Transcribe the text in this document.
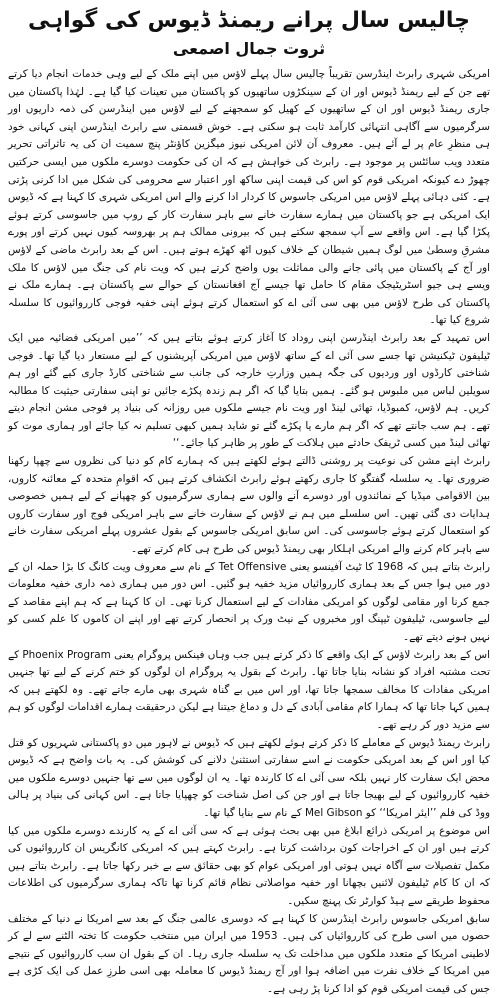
چالیس سال پرانے ریمنڈ ڈیوس کی گواہی
ثروت جمال اصمعی

امریکی شہری رابرٹ اینڈرسن تقریباً چالیس سال پہلے لاؤس میں اپنے ملک کے لیے وہی خدمات انجام دیا کرتے تھے جن کے لیے ریمنڈ ڈیوس اور ان کے سینکڑوں ساتھیوں کو پاکستان میں تعینات کیا گیا ہے۔ لہٰذا پاکستان میں جاری ریمنڈ ڈیوس اور ان کے ساتھیوں کے کھیل کو سمجھنے کے لیے لاؤس میں اینڈرسن کی ذمہ داریوں اور سرگرمیوں سے آگاہی انتہائی کارآمد ثابت ہو سکتی ہے۔ خوش قسمتی سے رابرٹ اینڈرسن اپنی کہانی خود ہی منظرِ عام پر لے آئے ہیں۔ معروف آن لائن امریکی نیوز میگزین کاؤنٹر پنچ سمیت ان کی یہ تاثراتی تحریر متعدد ویب سائٹس پر موجود ہے۔ رابرٹ کی خواہش ہے کہ ان کی حکومت دوسرے ملکوں میں ایسی حرکتیں چھوڑ دے کیونکہ امریکی قوم کو اس کی قیمت اپنی ساکھ اور اعتبار سے محرومی کی شکل میں ادا کرنی پڑتی ہے۔ کئی دہائی پہلے لاؤس میں امریکی جاسوس کا کردار ادا کرنے والے اس امریکی شہری کا کہنا ہے کہ ڈیوس ایک امریکی ہے جو پاکستان میں ہمارے سفارت خانے سے باہر سفارت کار کے روپ میں جاسوسی کرتے ہوئے پکڑا گیا ہے۔ اس واقعے سے آپ سمجھ سکتے ہیں کہ بیرونی ممالک ہم پر بھروسہ کیوں نہیں کرتے اور پورے مشرقِ وسطیٰ میں لوگ ہمیں شیطان کے خلاف کیوں اٹھ کھڑے ہوتے ہیں۔ اس کے بعد رابرٹ ماضی کے لاؤس اور آج کے پاکستان میں پائی جانے والی مماثلت یوں واضح کرتے ہیں کہ ویت نام کی جنگ میں لاؤس کا ملک ویسے ہی جیو اسٹریٹیجک مقام کا حامل تھا جیسے آج افغانستان کے حوالے سے پاکستان ہے۔ ہمارے ملک نے پاکستان کی طرح لاؤس میں بھی سی آئی اے کو استعمال کرتے ہوئے اپنی خفیہ فوجی کارروائیوں کا سلسلہ شروع کیا تھا۔

اس تمہید کے بعد رابرٹ اینڈرسن اپنی روداد کا آغاز کرتے ہوئے بتاتے ہیں کہ ’’میں امریکی فضائیہ میں ایک ٹیلیفون ٹیکنیشن تھا جسے سی آئی اے کے ساتھ لاؤس میں امریکی آپریشنوں کے لیے مستعار دیا گیا تھا۔ فوجی شناختی کارڈوں اور وردیوں کی جگہ ہمیں وزارتِ خارجہ کی جانب سے شناختی کارڈ جاری کیے گئے اور ہم سویلین لباس میں ملبوس ہو گئے۔ ہمیں بتایا گیا کہ اگر ہم زندہ پکڑے جائیں تو اپنی سفارتی حیثیت کا مطالبہ کریں۔ ہم لاؤس، کمبوڈیا، تھائی لینڈ اور ویت نام جیسے ملکوں میں روزانہ کی بنیاد پر فوجی مشن انجام دیتے تھے۔ ہم سب جانتے تھے کہ اگر ہم مارے یا پکڑے گئے تو شاید ہمیں کبھی تسلیم نہ کیا جائے اور ہماری موت کو تھائی لینڈ میں کسی ٹریفک حادثے میں ہلاکت کے طور پر ظاہر کیا جائے۔‘‘

رابرٹ اپنے مشن کی نوعیت پر روشنی ڈالتے ہوئے لکھتے ہیں کہ ہمارے کام کو دنیا کی نظروں سے چھپا رکھنا ضروری تھا۔ یہ سلسلہ گفتگو کا جاری رکھتے ہوئے رابرٹ انکشاف کرتے ہیں کہ اقوامِ متحدہ کے معائنہ کاروں، بین الاقوامی میڈیا کے نمائندوں اور دوسرے آنے والوں سے ہماری سرگرمیوں کو چھپانے کے لیے ہمیں خصوصی ہدایات دی گئی تھیں۔ اس سلسلے میں ہم نے لاؤس کے سفارت خانے سے باہر امریکی فوج اور سفارت کاروں کو استعمال کرتے ہوئے جاسوسی کی۔ اس سابق امریکی جاسوس کے بقول عشروں پہلے امریکی سفارت خانے سے باہر کام کرنے والے امریکی اہلکار بھی ریمنڈ ڈیوس کی طرح ہی کام کرتے تھے۔

رابرٹ بتاتے ہیں کہ 1968 کا ٹیٹ آفینسو یعنی Tet Offensive کے نام سے معروف ویت کانگ کا بڑا حملہ ان کے دور میں ہوا جس کے بعد ہماری کارروائیاں مزید خفیہ ہو گئیں۔ اس دور میں ہماری ذمہ داری خفیہ معلومات جمع کرنا اور مقامی لوگوں کو امریکی مفادات کے لیے استعمال کرنا تھی۔ ان کا کہنا ہے کہ ہم اپنے مقاصد کے لیے جاسوسی، ٹیلیفون ٹیپنگ اور مخبروں کے نیٹ ورک پر انحصار کرتے تھے اور اپنے ان کاموں کا علم کسی کو نہیں ہونے دیتے تھے۔

اس کے بعد رابرٹ لاؤس کے ایک واقعے کا ذکر کرتے ہیں جب وہاں فینکس پروگرام یعنی Phoenix Program کے تحت مشتبہ افراد کو نشانہ بنایا جاتا تھا۔ رابرٹ کے بقول یہ پروگرام ان لوگوں کو ختم کرنے کے لیے تھا جنہیں امریکی مفادات کا مخالف سمجھا جاتا تھا، اور اس میں بے گناہ شہری بھی مارے جاتے تھے۔ وہ لکھتے ہیں کہ ہمیں کہا جاتا تھا کہ ہمارا کام مقامی آبادی کے دل و دماغ جیتنا ہے لیکن درحقیقت ہمارے اقدامات لوگوں کو ہم سے مزید دور کر رہے تھے۔

رابرٹ ریمنڈ ڈیوس کے معاملے کا ذکر کرتے ہوئے لکھتے ہیں کہ ڈیوس نے لاہور میں دو پاکستانی شہریوں کو قتل کیا اور اس کے بعد امریکی حکومت نے اسے سفارتی استثنیٰ دلانے کی کوشش کی۔ یہ بات واضح ہے کہ ڈیوس محض ایک سفارت کار نہیں بلکہ سی آئی اے کا کارندہ تھا۔ یہ ان لوگوں میں سے تھا جنہیں دوسرے ملکوں میں خفیہ کارروائیوں کے لیے بھیجا جاتا ہے اور جن کی اصل شناخت کو چھپایا جاتا ہے۔ اس کہانی کی بنیاد پر ہالی ووڈ کی فلم ’’ایئر امریکا‘‘ کو Mel Gibson کے نام سے بنایا گیا تھا۔

اس موضوع پر امریکی ذرائع ابلاغ میں بھی بحث ہوئی ہے کہ سی آئی اے کے یہ کارندے دوسرے ملکوں میں کیا کرتے ہیں اور ان کے اخراجات کون برداشت کرتا ہے۔ رابرٹ کہتے ہیں کہ امریکی کانگریس ان کارروائیوں کی مکمل تفصیلات سے آگاہ نہیں ہوتی اور امریکی عوام کو بھی حقائق سے بے خبر رکھا جاتا ہے۔ رابرٹ بتاتے ہیں کہ ان کا کام ٹیلیفون لائنیں بچھانا اور خفیہ مواصلاتی نظام قائم کرنا تھا تاکہ ہماری سرگرمیوں کی اطلاعات محفوظ طریقے سے ہیڈ کوارٹر تک پہنچ سکیں۔

سابق امریکی جاسوس رابرٹ اینڈرسن کا کہنا ہے کہ دوسری عالمی جنگ کے بعد سے امریکا نے دنیا کے مختلف حصوں میں اسی طرح کی کارروائیاں کی ہیں۔ 1953 میں ایران میں منتخب حکومت کا تختہ الٹنے سے لے کر لاطینی امریکا کے متعدد ملکوں میں مداخلت تک یہ سلسلہ جاری رہا۔ ان کے بقول ان سب کارروائیوں کے نتیجے میں امریکا کے خلاف نفرت میں اضافہ ہوا اور آج ریمنڈ ڈیوس کا معاملہ بھی اسی طرزِ عمل کی ایک کڑی ہے جس کی قیمت امریکی قوم کو ادا کرنا پڑ رہی ہے۔
